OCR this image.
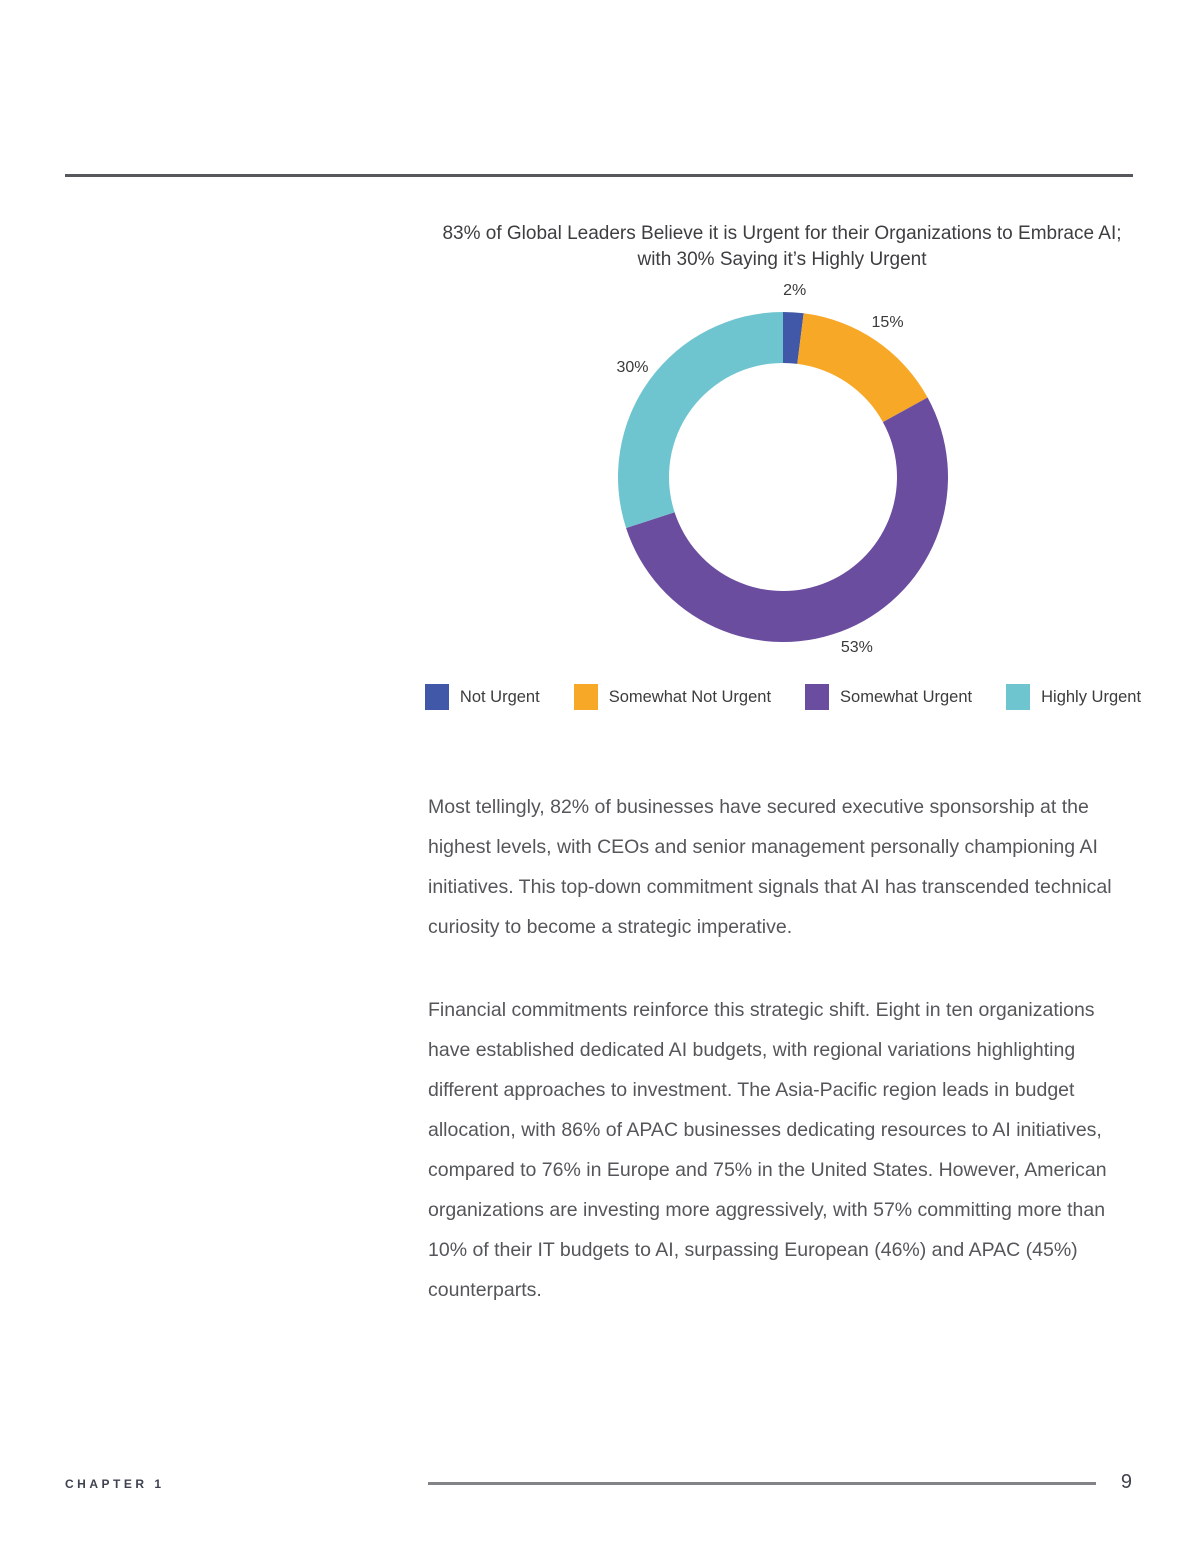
83% of Global Leaders Believe it is Urgent for their Organizations to Embrace AI;
with 30% Saying it’s Highly Urgent
2%
15%
53%
30%
Not Urgent	Somewhat Not Urgent	Somewhat Urgent	Highly Urgent

Most tellingly, 82% of businesses have secured executive sponsorship at the highest levels, with CEOs and senior management personally championing AI initiatives. This top-down commitment signals that AI has transcended technical curiosity to become a strategic imperative.

Financial commitments reinforce this strategic shift. Eight in ten organizations have established dedicated AI budgets, with regional variations highlighting different approaches to investment. The Asia-Pacific region leads in budget allocation, with 86% of APAC businesses dedicating resources to AI initiatives, compared to 76% in Europe and 75% in the United States. However, American organizations are investing more aggressively, with 57% committing more than 10% of their IT budgets to AI, surpassing European (46%) and APAC (45%) counterparts.

CHAPTER 1	9
